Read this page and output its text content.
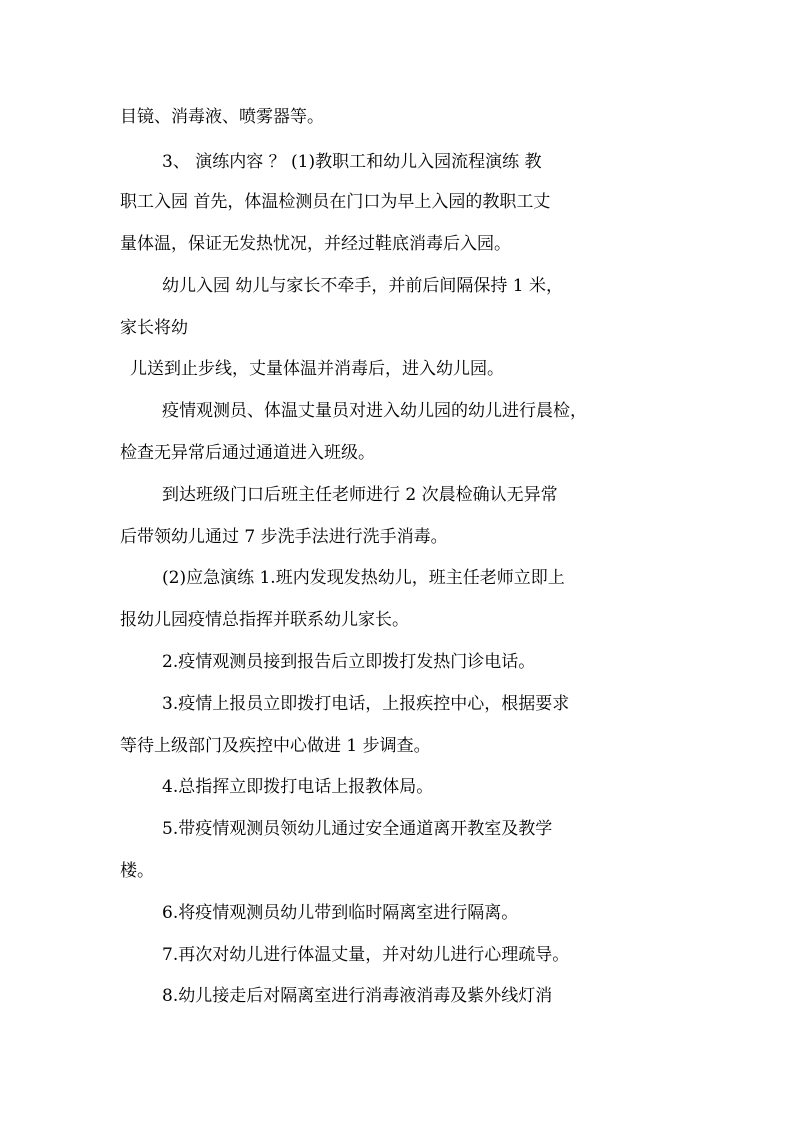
目镜、消毒液、喷雾器等。
3、 演练内容 ？ (1)教职工和幼儿入园流程演练 教
职工入园 首先，体温检测员在门口为早上入园的教职工丈
量体温，保证无发热忧况，并经过鞋底消毒后入园。
幼儿入园 幼儿与家长不牵手，并前后间隔保持 1 米，
家长将幼
儿送到止步线，丈量体温并消毒后，进入幼儿园。
疫情观测员、体温丈量员对进入幼儿园的幼儿进行晨检，
检查无异常后通过通道进入班级。
到达班级门口后班主任老师进行 2 次晨检确认无异常
后带领幼儿通过 7 步洗手法进行洗手消毒。
(2)应急演练 1.班内发现发热幼儿，班主任老师立即上
报幼儿园疫情总指挥并联系幼儿家长。
2.疫情观测员接到报告后立即拨打发热门诊电话。
3.疫情上报员立即拨打电话，上报疾控中心，根据要求
等待上级部门及疾控中心做进 1 步调查。
4.总指挥立即拨打电话上报教体局。
5.带疫情观测员领幼儿通过安全通道离开教室及教学
楼。
6.将疫情观测员幼儿带到临时隔离室进行隔离。
7.再次对幼儿进行体温丈量，并对幼儿进行心理疏导。
8.幼儿接走后对隔离室进行消毒液消毒及紫外线灯消
